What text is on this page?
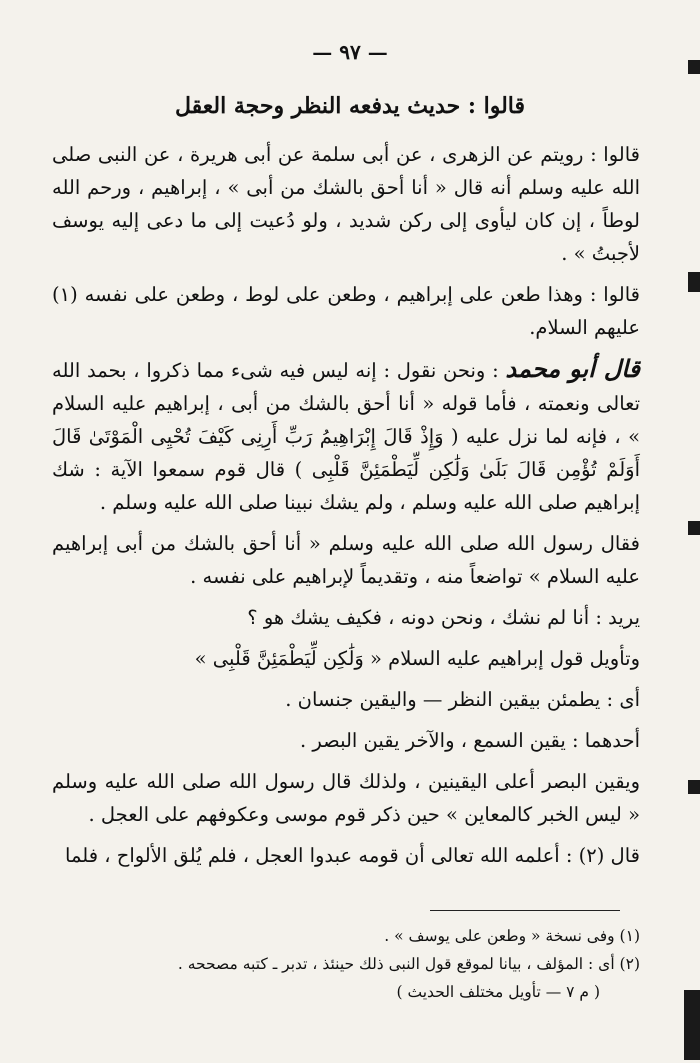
— ٩٧ —
قالوا : حديث يدفعه النظر وحجة العقل

قالوا : رويتم عن الزهرى ، عن أبى سلمة عن أبى هريرة ، عن النبى صلى الله عليه وسلم أنه قال « أنا أحق بالشك من أبى » ، إبراهيم ، ورحم الله لوطاً ، إن كان ليأوى إلى ركن شديد ، ولو دُعيت إلى ما دعى إليه يوسف لأجبتُ » .

قالوا : وهذا طعن على إبراهيم ، وطعن على لوط ، وطعن على نفسه (١) عليهم السلام.

قال أبو محمد : ونحن نقول : إنه ليس فيه شىء مما ذكروا ، بحمد الله تعالى ونعمته ، فأما قوله « أنا أحق بالشك من أبى ، إبراهيم عليه السلام » ، فإنه لما نزل عليه ( وَإِذْ قَالَ إِبْرَاهِيمُ رَبِّ أَرِنِى كَيْفَ تُحْيِى الْمَوْتَىٰ قَالَ أَوَلَمْ تُؤْمِن قَالَ بَلَىٰ وَلَٰكِن لِّيَطْمَئِنَّ قَلْبِى ) قال قوم سمعوا الآية : شك إبراهيم صلى الله عليه وسلم ، ولم يشك نبينا صلى الله عليه وسلم .

فقال رسول الله صلى الله عليه وسلم « أنا أحق بالشك من أبى إبراهيم عليه السلام » تواضعاً منه ، وتقديماً لإبراهيم على نفسه .

يريد : أنا لم نشك ، ونحن دونه ، فكيف يشك هو ؟

وتأويل قول إبراهيم عليه السلام « وَلَٰكِن لِّيَطْمَئِنَّ قَلْبِى »

أى : يطمئن بيقين النظر — واليقين جنسان .

أحدهما : يقين السمع ، والآخر يقين البصر .

ويقين البصر أعلى اليقينين ، ولذلك قال رسول الله صلى الله عليه وسلم « ليس الخبر كالمعاين » حين ذكر قوم موسى وعكوفهم على العجل .

قال (٢) : أعلمه الله تعالى أن قومه عبدوا العجل ، فلم يُلق الألواح ، فلما

(١) وفى نسخة « وطعن على يوسف » .

(٢) أى : المؤلف ، بيانا لموقع قول النبى ذلك حينئذ ، تدبر ـ كتبه مصححه .

( م ٧ — تأويل مختلف الحديث )
